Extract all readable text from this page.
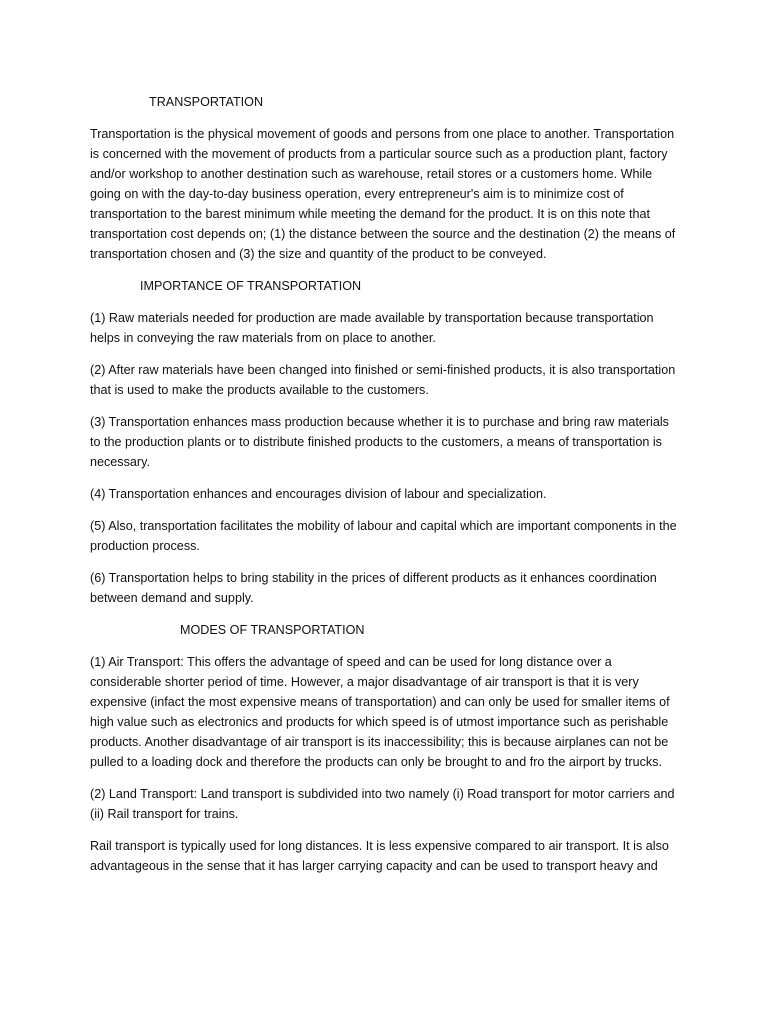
TRANSPORTATION

Transportation is the physical movement of goods and persons from one place to another. Transportation is concerned with the movement of products from a particular source such as a production plant, factory and/or workshop to another destination such as warehouse, retail stores or a customers home. While going on with the day-to-day business operation, every entrepreneur's aim is to minimize cost of transportation to the barest minimum while meeting the demand for the product. It is on this note that transportation cost depends on; (1) the distance between the source and the destination (2) the means of transportation chosen and (3) the size and quantity of the product to be conveyed.

IMPORTANCE OF TRANSPORTATION

(1) Raw materials needed for production are made available by transportation because transportation helps in conveying the raw materials from on place to another.

(2) After raw materials have been changed into finished or semi-finished products, it is also transportation that is used to make the products available to the customers.

(3) Transportation enhances mass production because whether it is to purchase and bring raw materials to the production plants or to distribute finished products to the customers, a means of transportation is necessary.

(4) Transportation enhances and encourages division of labour and specialization.

(5) Also, transportation facilitates the mobility of labour and capital which are important components in the production process.

(6) Transportation helps to bring stability in the prices of different products as it enhances coordination between demand and supply.

MODES OF TRANSPORTATION

(1) Air Transport: This offers the advantage of speed and can be used for long distance over a considerable shorter period of time. However, a major disadvantage of air transport is that it is very expensive (infact the most expensive means of transportation) and can only be used for smaller items of high value such as electronics and products for which speed is of utmost importance such as perishable products. Another disadvantage of air transport is its inaccessibility; this is because airplanes can not be pulled to a loading dock and therefore the products can only be brought to and fro the airport by trucks.

(2) Land Transport: Land transport is subdivided into two namely (i) Road transport for motor carriers and (ii) Rail transport for trains.

Rail transport is typically used for long distances. It is less expensive compared to air transport. It is also advantageous in the sense that it has larger carrying capacity and can be used to transport heavy and
